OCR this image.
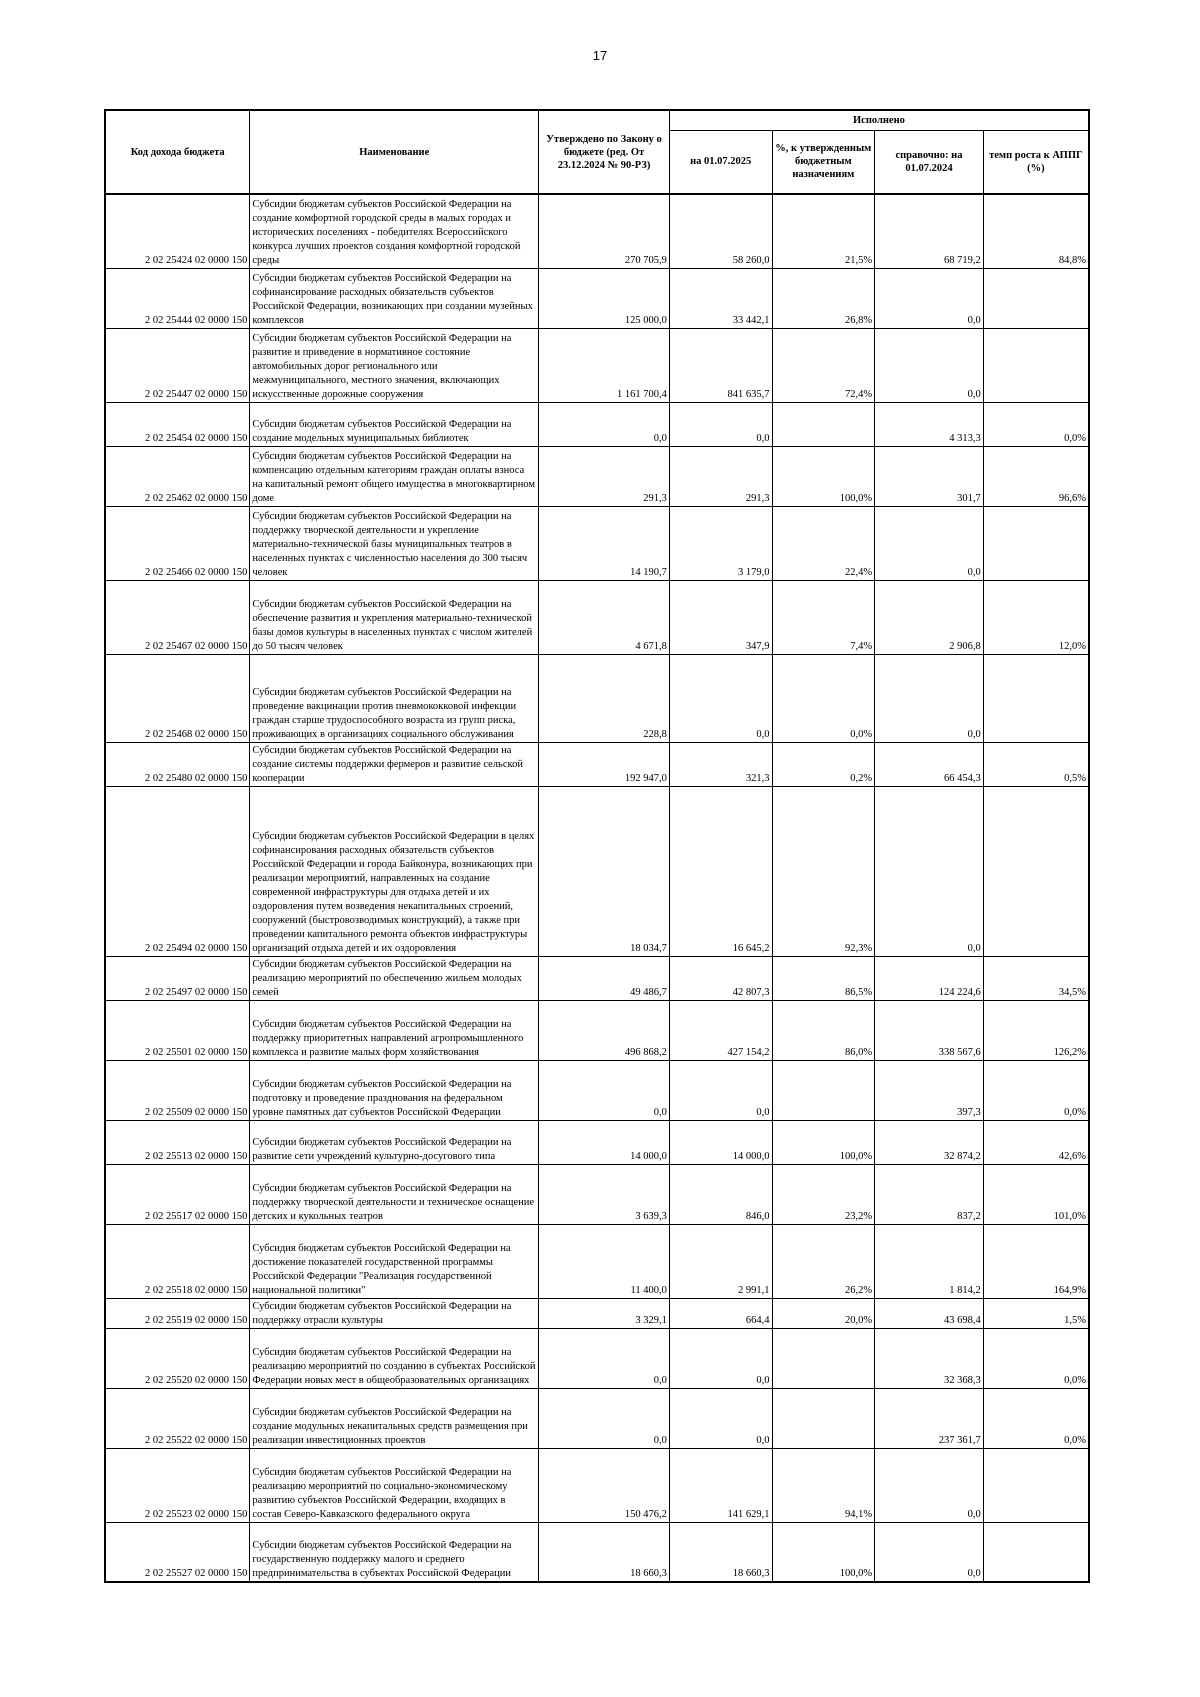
17
Код дохода бюджета	Наименование	Утверждено по Закону о бюджете (ред. От 23.12.2024 № 90-РЗ)	Исполнено			
			на 01.07.2025	%, к утвержденным бюджетным назначениям	справочно: на 01.07.2024	темп роста к АППГ (%)
2 02 25424 02 0000 150	Субсидии бюджетам субъектов Российской Федерации на создание комфортной городской среды в малых городах и исторических поселениях - победителях Всероссийского конкурса лучших проектов создания комфортной городской среды	270 705,9	58 260,0	21,5%	68 719,2	84,8%
2 02 25444 02 0000 150	Субсидии бюджетам субъектов Российской Федерации на софинансирование расходных обязательств субъектов Российской Федерации, возникающих при создании музейных комплексов	125 000,0	33 442,1	26,8%	0,0	
2 02 25447 02 0000 150	Субсидии бюджетам субъектов Российской Федерации на развитие и приведение в нормативное состояние автомобильных дорог регионального или межмуниципального, местного значения, включающих искусственные дорожные сооружения	1 161 700,4	841 635,7	72,4%	0,0	
2 02 25454 02 0000 150	Субсидии бюджетам субъектов Российской Федерации на создание модельных муниципальных библиотек	0,0	0,0		4 313,3	0,0%
2 02 25462 02 0000 150	Субсидии бюджетам субъектов Российской Федерации на компенсацию отдельным категориям граждан оплаты взноса на капитальный ремонт общего имущества в многоквартирном доме	291,3	291,3	100,0%	301,7	96,6%
2 02 25466 02 0000 150	Субсидии бюджетам субъектов Российской Федерации на поддержку творческой деятельности и укрепление материально-технической базы муниципальных театров в населенных пунктах с численностью населения до 300 тысяч человек	14 190,7	3 179,0	22,4%	0,0	
2 02 25467 02 0000 150	Субсидии бюджетам субъектов Российской Федерации на обеспечение развития и укрепления материально-технической базы домов культуры в населенных пунктах с числом жителей до 50 тысяч человек	4 671,8	347,9	7,4%	2 906,8	12,0%
2 02 25468 02 0000 150	Субсидии бюджетам субъектов Российской Федерации на проведение вакцинации против пневмококковой инфекции граждан старше трудоспособного возраста из групп риска, проживающих в организациях социального обслуживания	228,8	0,0	0,0%	0,0	
2 02 25480 02 0000 150	Субсидии бюджетам субъектов Российской Федерации на создание системы поддержки фермеров и развитие сельской кооперации	192 947,0	321,3	0,2%	66 454,3	0,5%
2 02 25494 02 0000 150	Субсидии бюджетам субъектов Российской Федерации в целях софинансирования расходных обязательств субъектов Российской Федерации и города Байконура, возникающих при реализации мероприятий, направленных на создание современной инфраструктуры для отдыха детей и их оздоровления путем возведения некапитальных строений, сооружений (быстровозводимых конструкций), а также при проведении капитального ремонта объектов инфраструктуры организаций отдыха детей и их оздоровления	18 034,7	16 645,2	92,3%	0,0	
2 02 25497 02 0000 150	Субсидии бюджетам субъектов Российской Федерации на реализацию мероприятий по обеспечению жильем молодых семей	49 486,7	42 807,3	86,5%	124 224,6	34,5%
2 02 25501 02 0000 150	Субсидии бюджетам субъектов Российской Федерации на поддержку приоритетных направлений агропромышленного комплекса и развитие малых форм хозяйствования	496 868,2	427 154,2	86,0%	338 567,6	126,2%
2 02 25509 02 0000 150	Субсидии бюджетам субъектов Российской Федерации на подготовку и проведение празднования на федеральном уровне памятных дат субъектов Российской Федерации	0,0	0,0		397,3	0,0%
2 02 25513 02 0000 150	Субсидии бюджетам субъектов Российской Федерации на развитие сети учреждений культурно-досугового типа	14 000,0	14 000,0	100,0%	32 874,2	42,6%
2 02 25517 02 0000 150	Субсидии бюджетам субъектов Российской Федерации на поддержку творческой деятельности и техническое оснащение детских и кукольных театров	3 639,3	846,0	23,2%	837,2	101,0%
2 02 25518 02 0000 150	Субсидия бюджетам субъектов Российской Федерации на достижение показателей государственной программы Российской Федерации "Реализация государственной национальной политики"	11 400,0	2 991,1	26,2%	1 814,2	164,9%
2 02 25519 02 0000 150	Субсидии бюджетам субъектов Российской Федерации на поддержку отрасли культуры	3 329,1	664,4	20,0%	43 698,4	1,5%
2 02 25520 02 0000 150	Субсидии бюджетам субъектов Российской Федерации на реализацию мероприятий по созданию в субъектах Российской Федерации новых мест в общеобразовательных организациях	0,0	0,0		32 368,3	0,0%
2 02 25522 02 0000 150	Субсидии бюджетам субъектов Российской Федерации на создание модульных некапитальных средств размещения при реализации инвестиционных проектов	0,0	0,0		237 361,7	0,0%
2 02 25523 02 0000 150	Субсидии бюджетам субъектов Российской Федерации на реализацию мероприятий по социально-экономическому развитию субъектов Российской Федерации, входящих в состав Северо-Кавказского федерального округа	150 476,2	141 629,1	94,1%	0,0	
2 02 25527 02 0000 150	Субсидии бюджетам субъектов Российской Федерации на государственную поддержку малого и среднего предпринимательства в субъектах Российской Федерации	18 660,3	18 660,3	100,0%	0,0	
